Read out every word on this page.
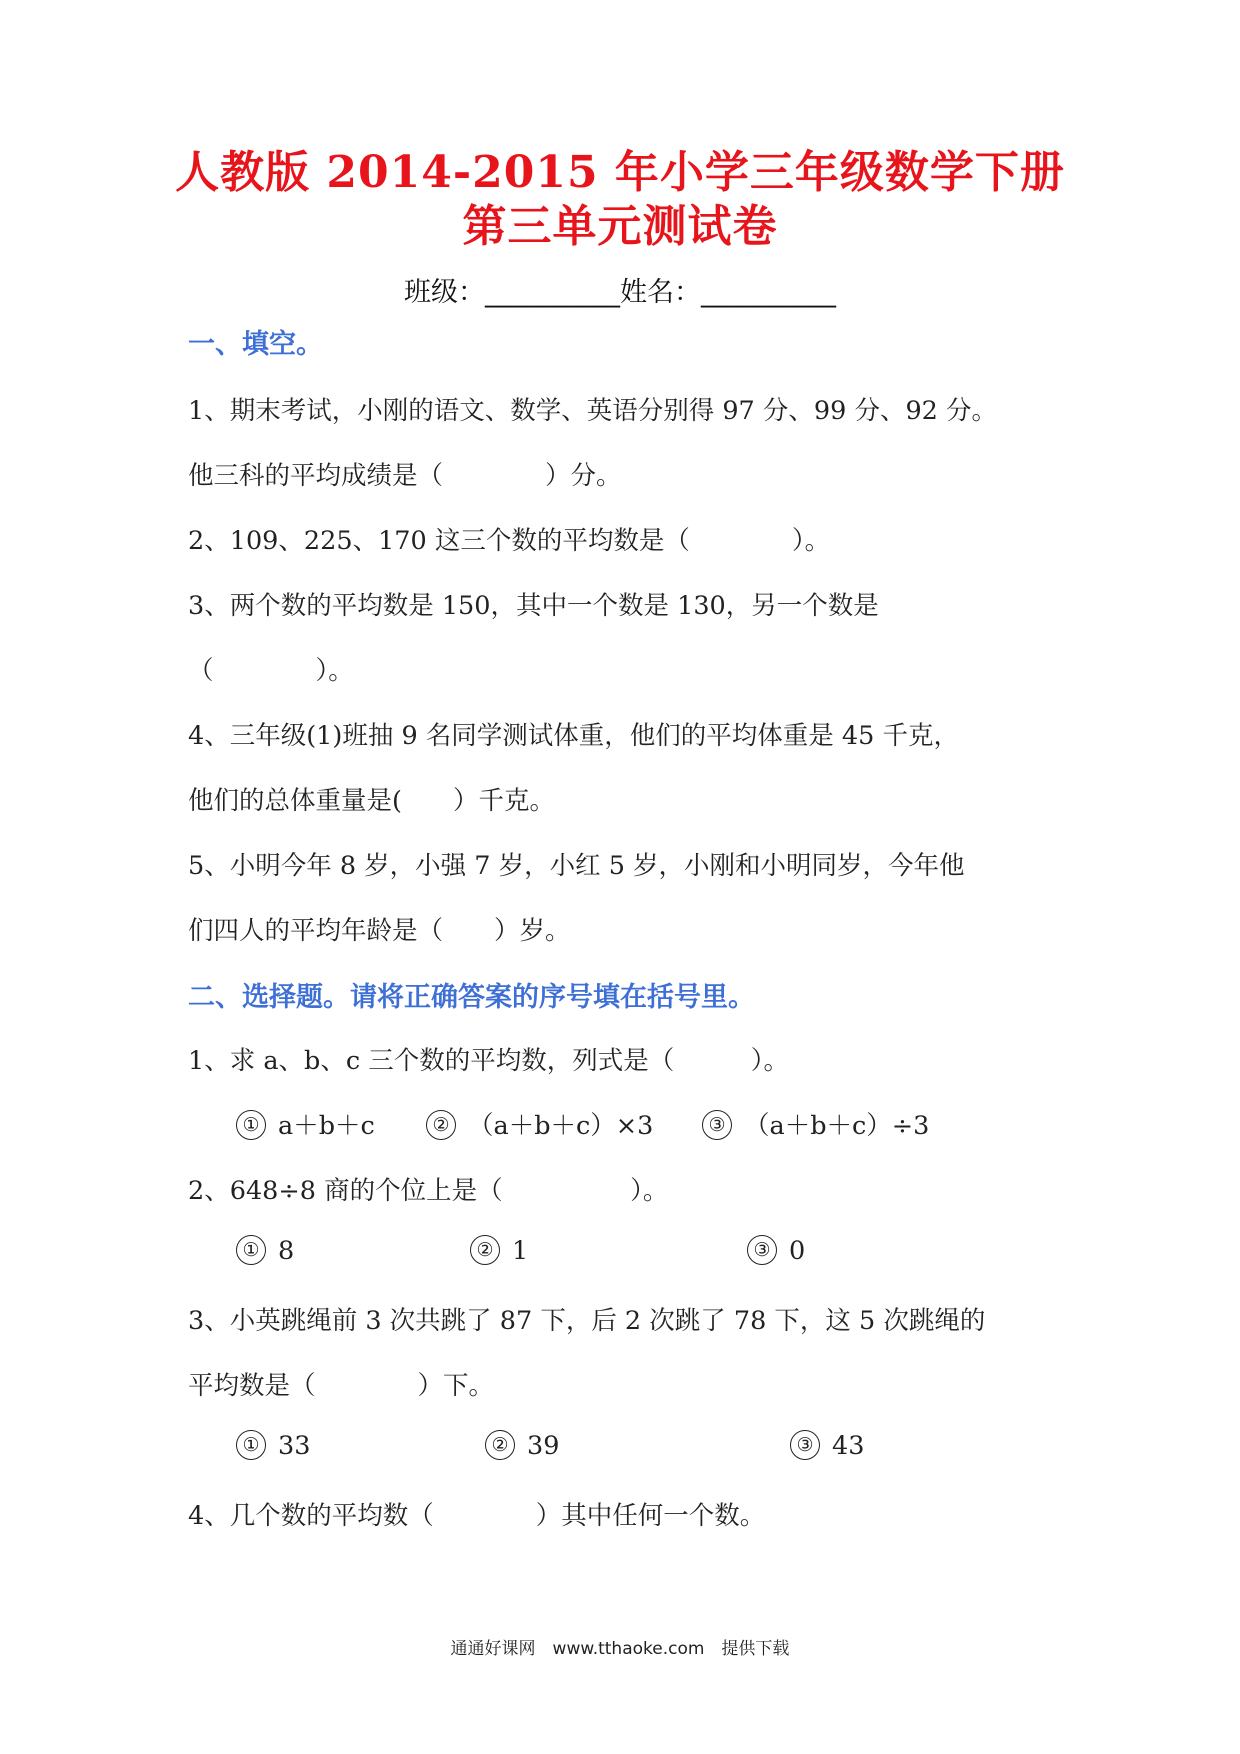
人教版 2014-2015 年小学三年级数学下册
第三单元测试卷
班级：__________姓名：__________
一、填空。
1、期末考试，小刚的语文、数学、英语分别得 97 分、99 分、92 分。
他三科的平均成绩是（　　　　）分。
2、109、225、170 这三个数的平均数是（　　　　）。
3、两个数的平均数是 150，其中一个数是 130，另一个数是
（　　　　）。
4、三年级(1)班抽 9 名同学测试体重，他们的平均体重是 45 千克，
他们的总体重量是(　　）千克。
5、小明今年 8 岁，小强 7 岁，小红 5 岁，小刚和小明同岁，今年他
们四人的平均年龄是（　　）岁。
二、选择题。请将正确答案的序号填在括号里。
1、求 a、b、c 三个数的平均数，列式是（　　　）。
① a＋b＋c	② （a＋b＋c）×3	③ （a＋b＋c）÷3
2、648÷8 商的个位上是（　　　　　）。
① 8	② 1	③ 0
3、小英跳绳前 3 次共跳了 87 下，后 2 次跳了 78 下，这 5 次跳绳的
平均数是（　　　　）下。
① 33	② 39	③ 43
4、几个数的平均数（　　　　）其中任何一个数。
通通好课网　www.tthaoke.com　提供下载
